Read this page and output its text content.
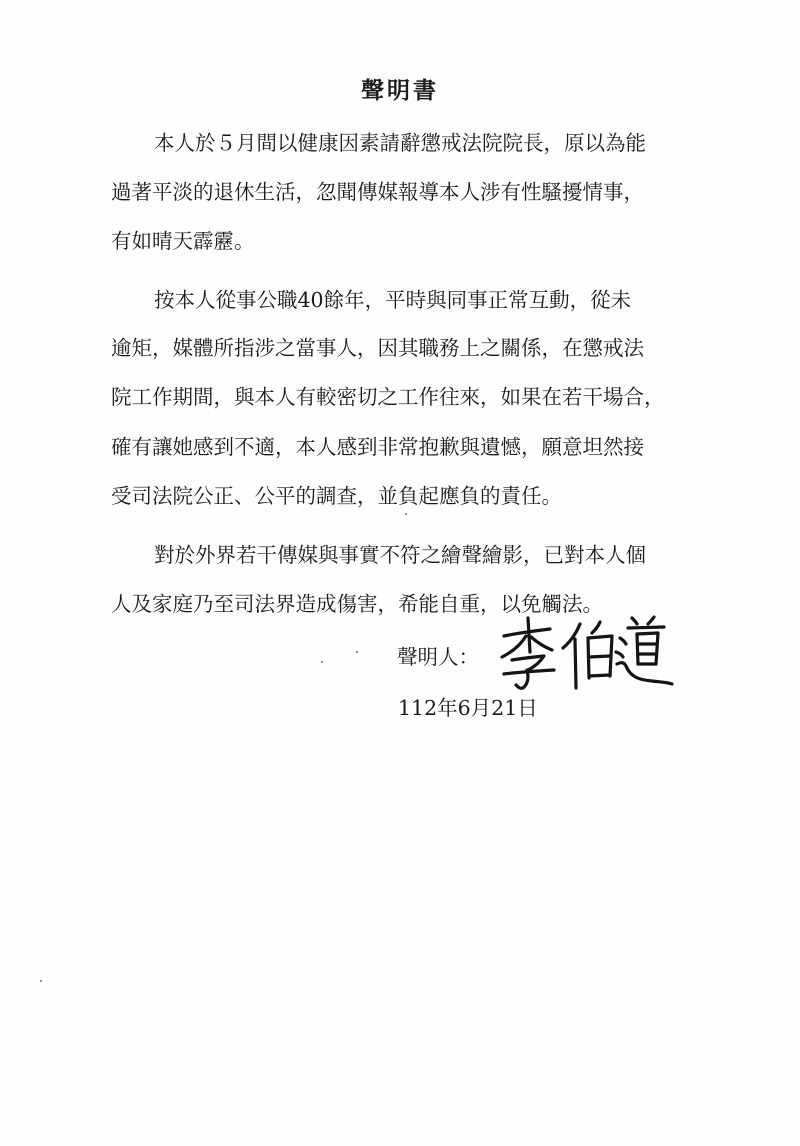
聲明書

本人於５月間以健康因素請辭懲戒法院院長，原以為能

過著平淡的退休生活，忽聞傳媒報導本人涉有性騷擾情事，

有如晴天霹靂。

按本人從事公職40餘年，平時與同事正常互動，從未

逾矩，媒體所指涉之當事人，因其職務上之關係，在懲戒法

院工作期間，與本人有較密切之工作往來，如果在若干場合，

確有讓她感到不適，本人感到非常抱歉與遺憾，願意坦然接

受司法院公正、公平的調查，並負起應負的責任。

對於外界若干傳媒與事實不符之繪聲繪影，已對本人個

人及家庭乃至司法界造成傷害，希能自重，以免觸法。

聲明人：
112年6月21日
